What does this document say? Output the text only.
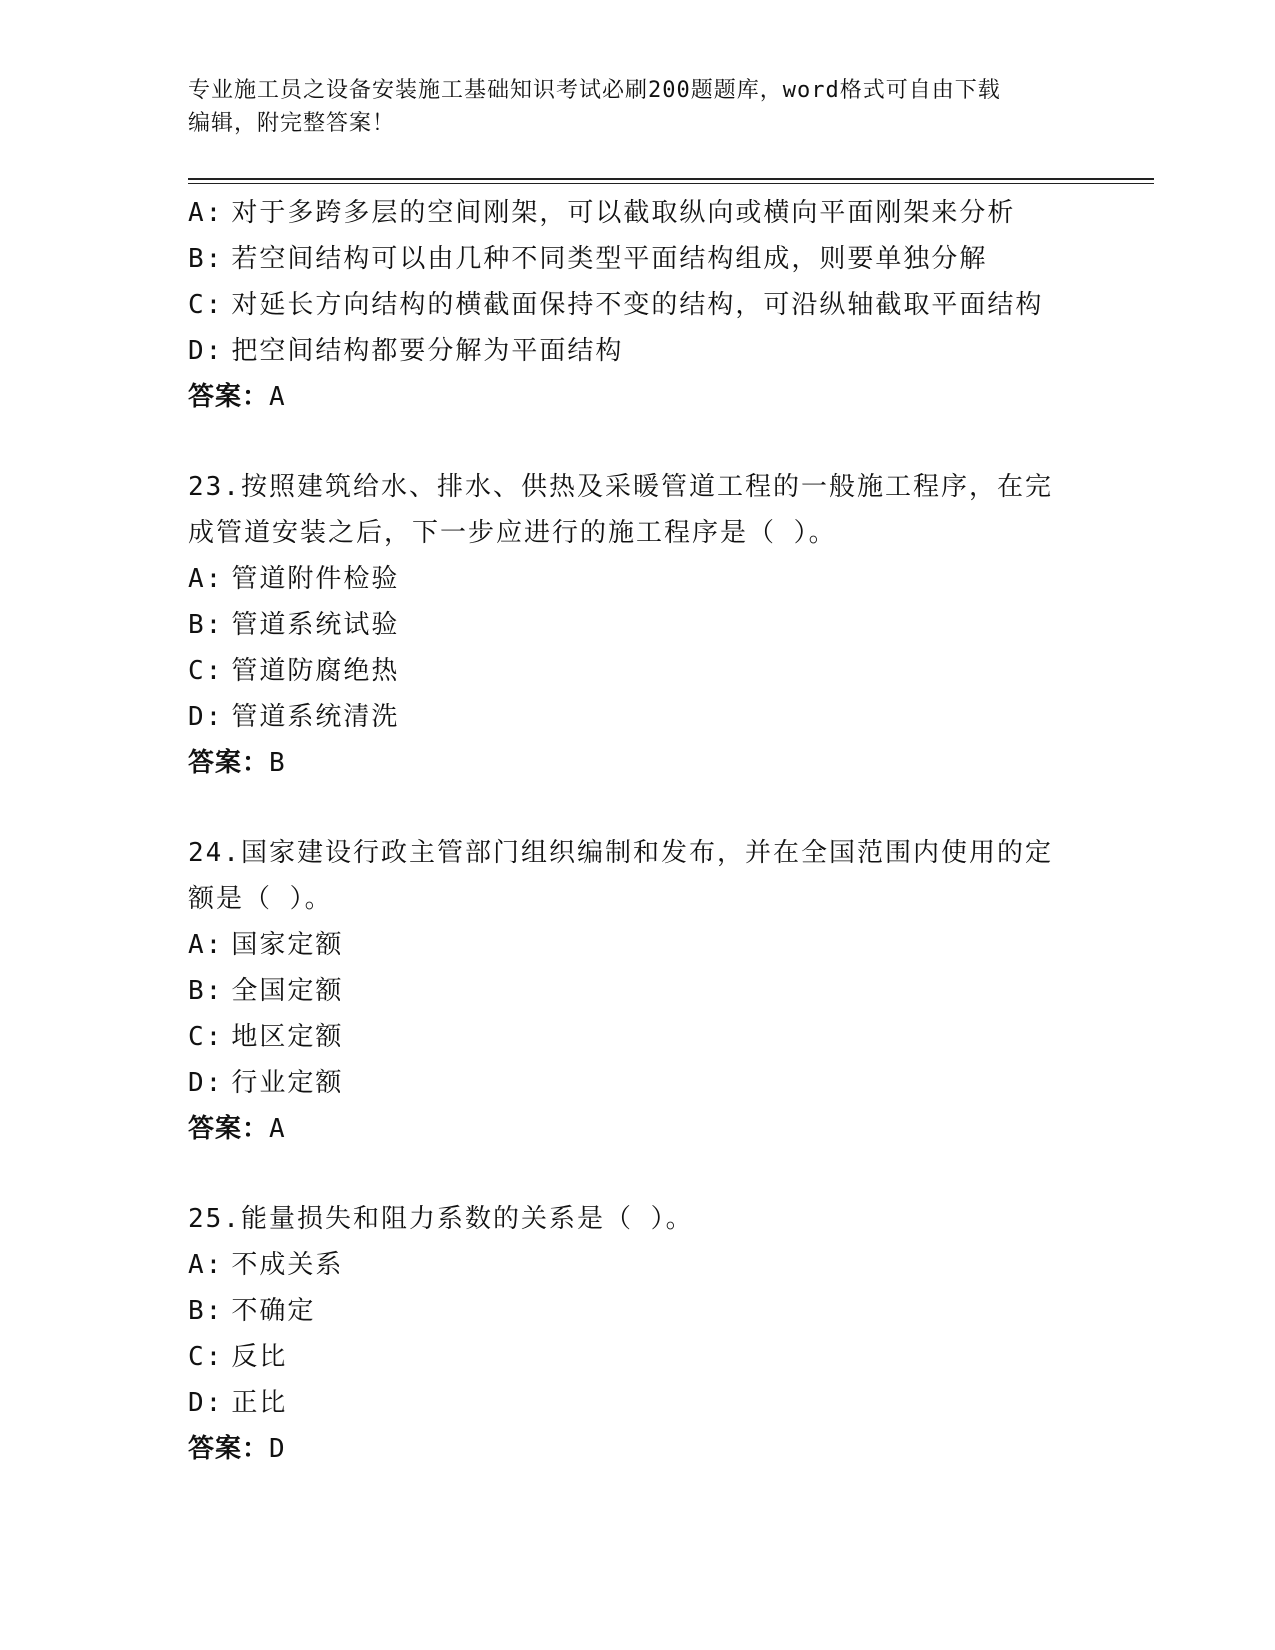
专业施工员之设备安装施工基础知识考试必刷200题题库，word格式可自由下载
编辑，附完整答案！
A: 对于多跨多层的空间刚架，可以截取纵向或横向平面刚架来分析
B: 若空间结构可以由几种不同类型平面结构组成，则要单独分解
C: 对延长方向结构的横截面保持不变的结构，可沿纵轴截取平面结构
D: 把空间结构都要分解为平面结构
答案：A
23.按照建筑给水、排水、供热及采暖管道工程的一般施工程序，在完
成管道安装之后，下一步应进行的施工程序是（ ）。
A: 管道附件检验
B: 管道系统试验
C: 管道防腐绝热
D: 管道系统清洗
答案：B
24.国家建设行政主管部门组织编制和发布，并在全国范围内使用的定
额是（ ）。
A: 国家定额
B: 全国定额
C: 地区定额
D: 行业定额
答案：A
25.能量损失和阻力系数的关系是（ ）。
A: 不成关系
B: 不确定
C: 反比
D: 正比
答案：D
